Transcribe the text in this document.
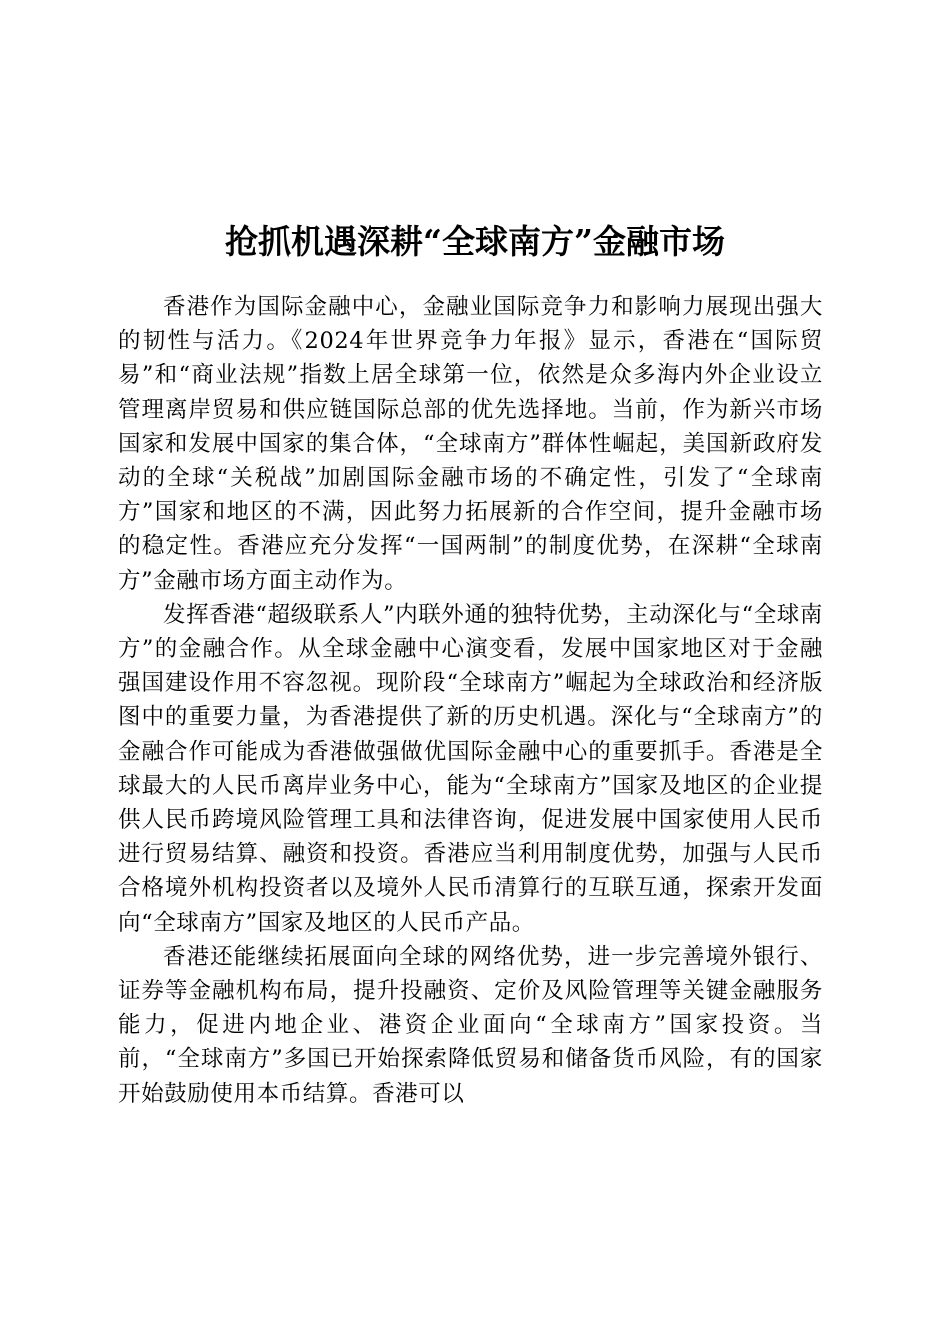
抢抓机遇深耕“全球南方”金融市场

香港作为国际金融中心，金融业国际竞争力和影响力展现出强大的韧性与活力。《2024年世界竞争力年报》显示，香港在“国际贸易”和“商业法规”指数上居全球第一位，依然是众多海内外企业设立管理离岸贸易和供应链国际总部的优先选择地。当前，作为新兴市场国家和发展中国家的集合体，“全球南方”群体性崛起，美国新政府发动的全球“关税战”加剧国际金融市场的不确定性，引发了“全球南方”国家和地区的不满，因此努力拓展新的合作空间，提升金融市场的稳定性。香港应充分发挥“一国两制”的制度优势，在深耕“全球南方”金融市场方面主动作为。

发挥香港“超级联系人”内联外通的独特优势，主动深化与“全球南方”的金融合作。从全球金融中心演变看，发展中国家地区对于金融强国建设作用不容忽视。现阶段“全球南方”崛起为全球政治和经济版图中的重要力量，为香港提供了新的历史机遇。深化与“全球南方”的金融合作可能成为香港做强做优国际金融中心的重要抓手。香港是全球最大的人民币离岸业务中心，能为“全球南方”国家及地区的企业提供人民币跨境风险管理工具和法律咨询，促进发展中国家使用人民币进行贸易结算、融资和投资。香港应当利用制度优势，加强与人民币合格境外机构投资者以及境外人民币清算行的互联互通，探索开发面向“全球南方”国家及地区的人民币产品。

香港还能继续拓展面向全球的网络优势，进一步完善境外银行、证券等金融机构布局，提升投融资、定价及风险管理等关键金融服务能力，促进内地企业、港资企业面向“全球南方”国家投资。当前，“全球南方”多国已开始探索降低贸易和储备货币风险，有的国家开始鼓励使用本币结算。香港可以
